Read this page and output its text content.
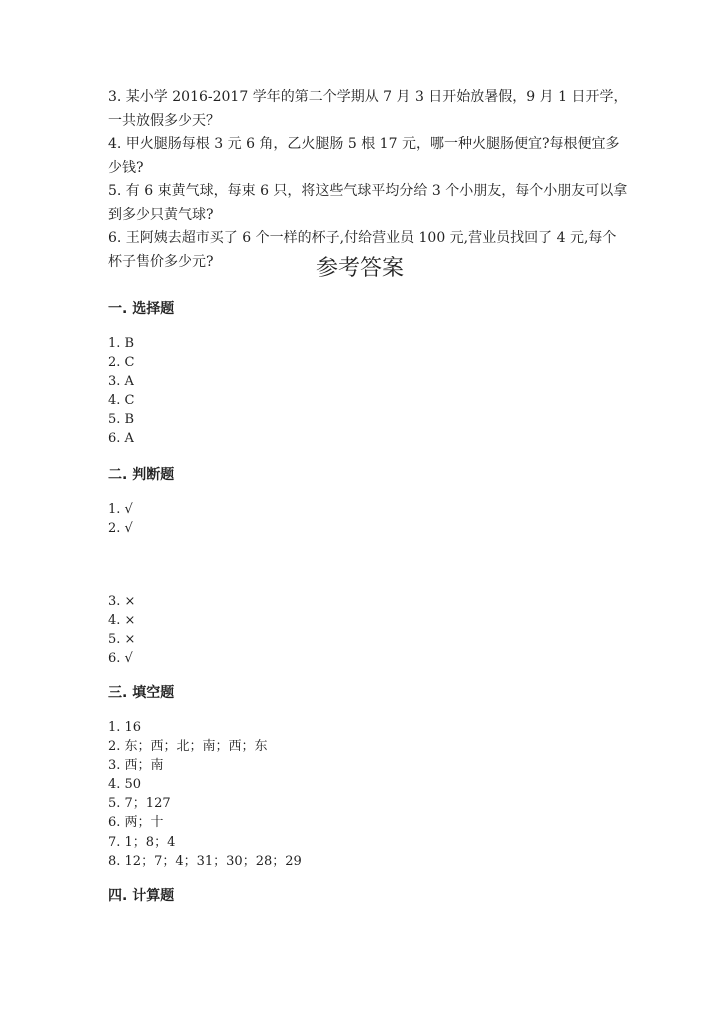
3. 某小学 2016-2017 学年的第二个学期从 7 月 3 日开始放暑假，9 月 1 日开学，一共放假多少天？

4. 甲火腿肠每根 3 元 6 角，乙火腿肠 5 根 17 元，哪一种火腿肠便宜?每根便宜多少钱?

5. 有 6 束黄气球，每束 6 只，将这些气球平均分给 3 个小朋友，每个小朋友可以拿到多少只黄气球?

6. 王阿姨去超市买了 6 个一样的杯子,付给营业员 100 元,营业员找回了 4 元,每个杯子售价多少元?	参考答案
一. 选择题
1. B
2. C
3. A
4. C
5. B
6. A
二. 判断题
1. √
2. √
3. ×
4. ×
5. ×
6. √
三. 填空题
1. 16
2. 东；西；北；南；西；东
3. 西；南
4. 50
5. 7；127
6. 两；十
7. 1；8；4
8. 12；7；4；31；30；28；29
四. 计算题
